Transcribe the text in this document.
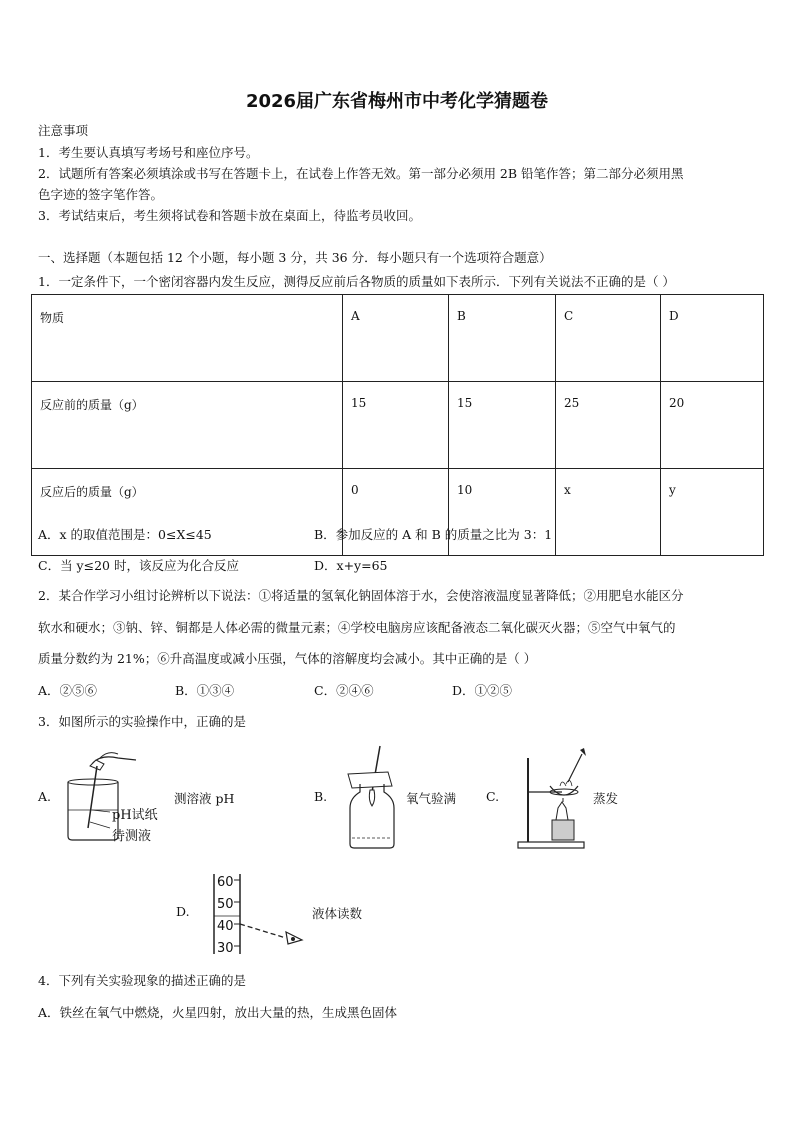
2026届广东省梅州市中考化学猜题卷
注意事项
1．考生要认真填写考场号和座位序号。
2．试题所有答案必须填涂或书写在答题卡上，在试卷上作答无效。第一部分必须用 2B 铅笔作答；第二部分必须用黑
色字迹的签字笔作答。
3．考试结束后，考生须将试卷和答题卡放在桌面上，待监考员收回。
一、选择题（本题包括 12 个小题，每小题 3 分，共 36 分．每小题只有一个选项符合题意）
1．一定条件下，一个密闭容器内发生反应，测得反应前后各物质的质量如下表所示．下列有关说法不正确的是（ ）
物质	A	B	C	D
反应前的质量（g）	15	15	25	20
反应后的质量（g）	0	10	x	y
A．x 的取值范围是：0≤X≤45	B．参加反应的 A 和 B 的质量之比为 3：1
C．当 y≤20 时，该反应为化合反应	D．x+y=65
2．某合作学习小组讨论辨析以下说法：①将适量的氢氧化钠固体溶于水，会使溶液温度显著降低；②用肥皂水能区分
软水和硬水；③钠、锌、铜都是人体必需的微量元素；④学校电脑房应该配备液态二氧化碳灭火器；⑤空气中氧气的
质量分数约为 21%；⑥升高温度或减小压强，气体的溶解度均会减小。其中正确的是（ ）
A．②⑤⑥	B．①③④	C．②④⑥	D．①②⑤
3．如图所示的实验操作中，正确的是
A.
pH试纸
待测液
测溶液 pH	B.	氧气验满 C.	蒸发
D.
60
50
40
30
液体读数
4．下列有关实验现象的描述正确的是
A．铁丝在氧气中燃烧，火星四射，放出大量的热，生成黑色固体
